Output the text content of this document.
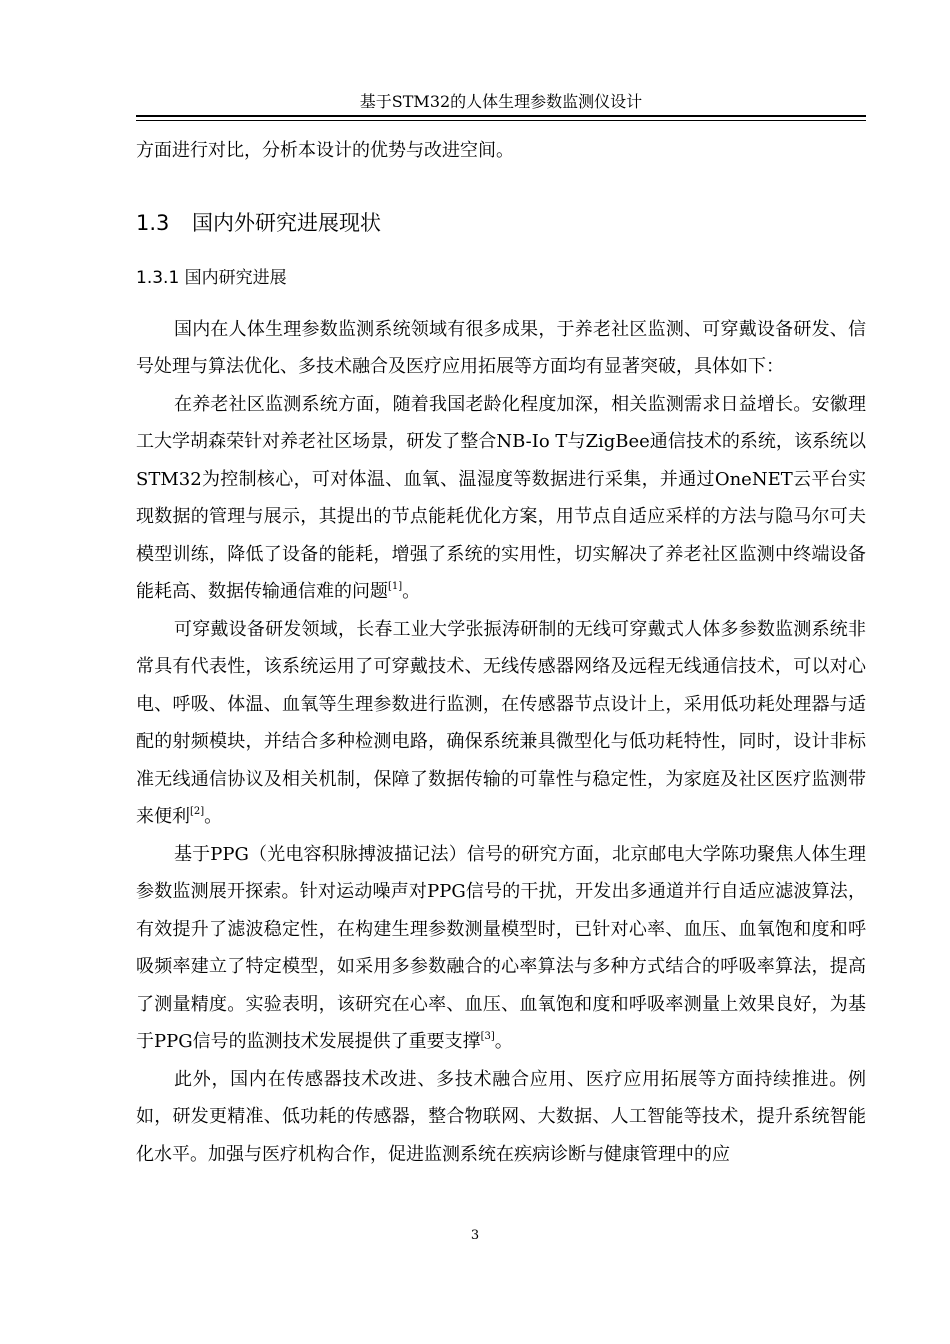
基于STM32的人体生理参数监测仪设计

方面进行对比，分析本设计的优势与改进空间。

1.3 国内外研究进展现状
1.3.1 国内研究进展

国内在人体生理参数监测系统领域有很多成果，于养老社区监测、可穿戴设备研发、信号处理与算法优化、多技术融合及医疗应用拓展等方面均有显著突破，具体如下：

在养老社区监测系统方面，随着我国老龄化程度加深，相关监测需求日益增长。安徽理工大学胡森荣针对养老社区场景，研发了整合NB-Io T与ZigBee通信技术的系统，该系统以STM32为控制核心，可对体温、血氧、温湿度等数据进行采集，并通过OneNET云平台实现数据的管理与展示，其提出的节点能耗优化方案，用节点自适应采样的方法与隐马尔可夫模型训练，降低了设备的能耗，增强了系统的实用性，切实解决了养老社区监测中终端设备能耗高、数据传输通信难的问题[1]。

可穿戴设备研发领域，长春工业大学张振涛研制的无线可穿戴式人体多参数监测系统非常具有代表性，该系统运用了可穿戴技术、无线传感器网络及远程无线通信技术，可以对心电、呼吸、体温、血氧等生理参数进行监测，在传感器节点设计上，采用低功耗处理器与适配的射频模块，并结合多种检测电路，确保系统兼具微型化与低功耗特性，同时，设计非标准无线通信协议及相关机制，保障了数据传输的可靠性与稳定性，为家庭及社区医疗监测带来便利[2]。

基于PPG（光电容积脉搏波描记法）信号的研究方面，北京邮电大学陈功聚焦人体生理参数监测展开探索。针对运动噪声对PPG信号的干扰，开发出多通道并行自适应滤波算法，有效提升了滤波稳定性，在构建生理参数测量模型时，已针对心率、血压、血氧饱和度和呼吸频率建立了特定模型，如采用多参数融合的心率算法与多种方式结合的呼吸率算法，提高了测量精度。实验表明，该研究在心率、血压、血氧饱和度和呼吸率测量上效果良好，为基于PPG信号的监测技术发展提供了重要支撑[3]。

此外，国内在传感器技术改进、多技术融合应用、医疗应用拓展等方面持续推进。例如，研发更精准、低功耗的传感器，整合物联网、大数据、人工智能等技术，提升系统智能化水平。加强与医疗机构合作，促进监测系统在疾病诊断与健康管理中的应

3
